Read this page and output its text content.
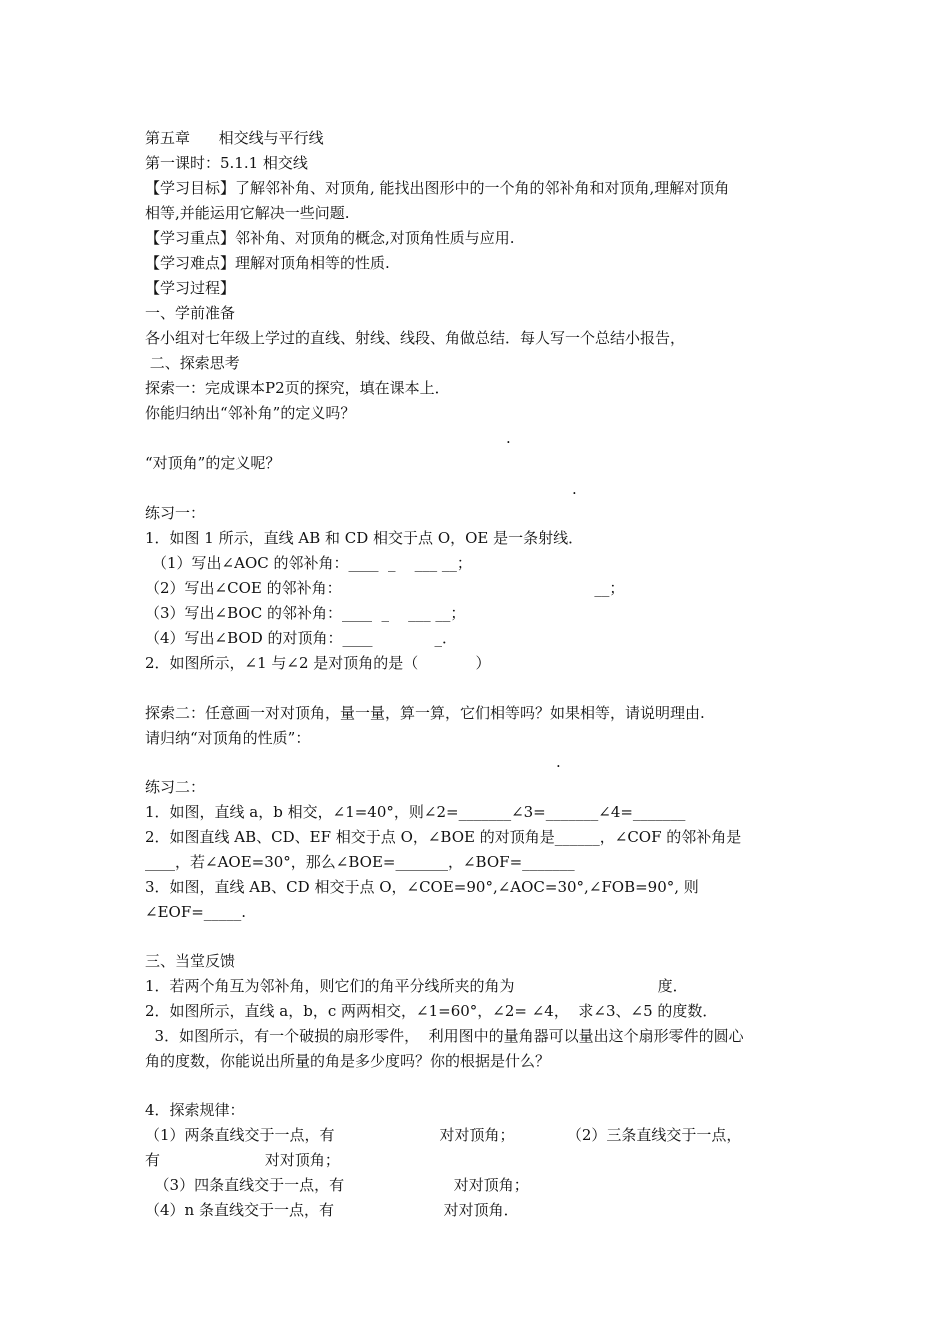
第五章      相交线与平行线
第一课时：5.1.1 相交线
【学习目标】了解邻补角、对顶角, 能找出图形中的一个角的邻补角和对顶角,理解对顶角
相等,并能运用它解决一些问题.
【学习重点】邻补角、对顶角的概念,对顶角性质与应用.
【学习难点】理解对顶角相等的性质.
【学习过程】
一、学前准备
各小组对七年级上学过的直线、射线、线段、角做总结．每人写一个总结小报告，
二、探索思考
探索一：完成课本P2页的探究，填在课本上．
你能归纳出“邻补角”的定义吗？
.
“对顶角”的定义呢？
.
练习一：
1．如图 1 所示，直线 AB 和 CD 相交于点 O，OE 是一条射线．
（1）写出∠AOC 的邻补角：____  _    ___ __；
（2）写出∠COE 的邻补角：                                                     __；
（3）写出∠BOC 的邻补角：____  _    ___ __；
（4）写出∠BOD 的对顶角：____             _．
2．如图所示，∠1 与∠2 是对顶角的是（            ）
探索二：任意画一对对顶角，量一量，算一算，它们相等吗？如果相等，请说明理由.
请归纳“对顶角的性质”：
.
练习二：
1．如图，直线 a，b 相交，∠1=40°，则∠2=_______∠3=_______∠4=_______
2．如图直线 AB、CD、EF 相交于点 O，∠BOE 的对顶角是______，∠COF 的邻补角是
____，若∠AOE=30°，那么∠BOE=_______，∠BOF=_______
3．如图，直线 AB、CD 相交于点 O，∠COE=90°,∠AOC=30°,∠FOB=90°, 则
∠EOF=_____.
三、当堂反馈
1．若两个角互为邻补角，则它们的角平分线所夹的角为                              度．
2．如图所示，直线 a，b，c 两两相交，∠1=60°，∠2= ∠4，  求∠3、∠5 的度数．
3．如图所示，有一个破损的扇形零件，  利用图中的量角器可以量出这个扇形零件的圆心
角的度数，你能说出所量的角是多少度吗？你的根据是什么？
4．探索规律：
（1）两条直线交于一点，有                      对对顶角；           （2）三条直线交于一点，
有                      对对顶角；
（3）四条直线交于一点，有                       对对顶角；
（4）n 条直线交于一点，有                       对对顶角．
